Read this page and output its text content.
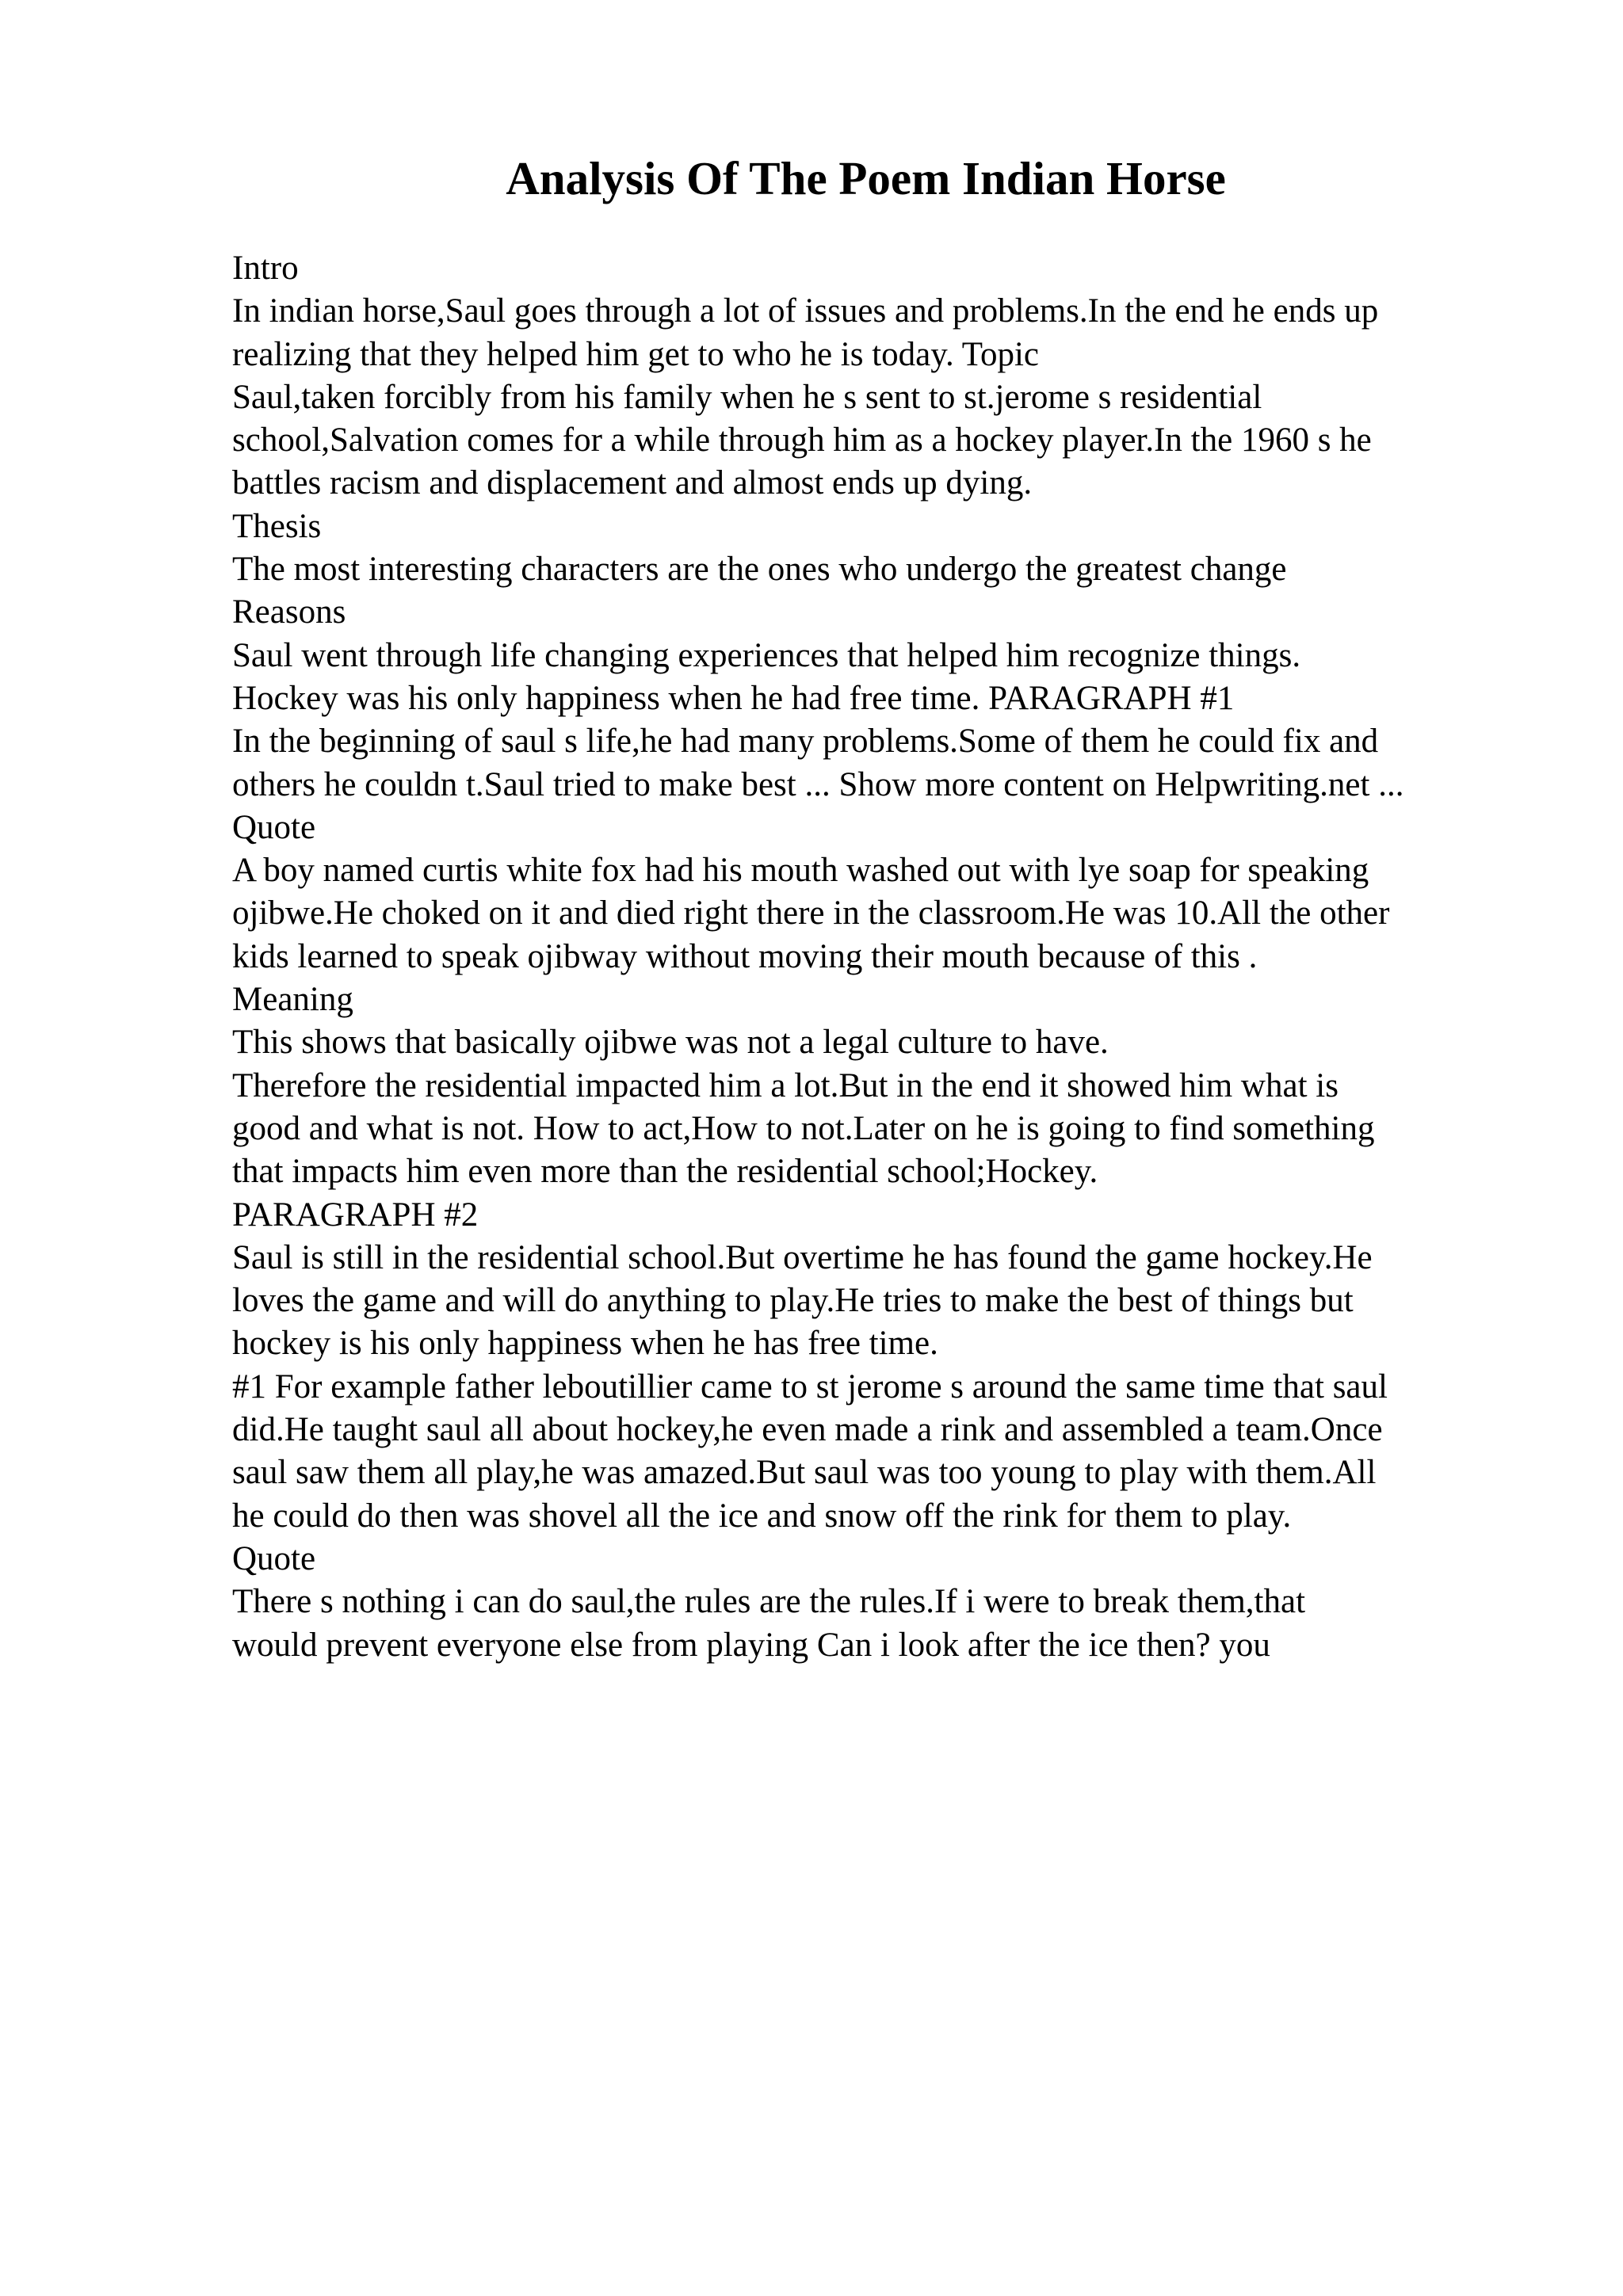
Analysis Of The Poem Indian Horse
Intro
In indian horse,Saul goes through a lot of issues and problems.In the end he ends up
realizing that they helped him get to who he is today. Topic
Saul,taken forcibly from his family when he s sent to st.jerome s residential
school,Salvation comes for a while through him as a hockey player.In the 1960 s he
battles racism and displacement and almost ends up dying.
Thesis
The most interesting characters are the ones who undergo the greatest change
Reasons
Saul went through life changing experiences that helped him recognize things.
Hockey was his only happiness when he had free time. PARAGRAPH #1
In the beginning of saul s life,he had many problems.Some of them he could fix and
others he couldn t.Saul tried to make best ... Show more content on Helpwriting.net ...
Quote
A boy named curtis white fox had his mouth washed out with lye soap for speaking
ojibwe.He choked on it and died right there in the classroom.He was 10.All the other
kids learned to speak ojibway without moving their mouth because of this .
Meaning
This shows that basically ojibwe was not a legal culture to have.
Therefore the residential impacted him a lot.But in the end it showed him what is
good and what is not. How to act,How to not.Later on he is going to find something
that impacts him even more than the residential school;Hockey.
PARAGRAPH #2
Saul is still in the residential school.But overtime he has found the game hockey.He
loves the game and will do anything to play.He tries to make the best of things but
hockey is his only happiness when he has free time.
#1 For example father leboutillier came to st jerome s around the same time that saul
did.He taught saul all about hockey,he even made a rink and assembled a team.Once
saul saw them all play,he was amazed.But saul was too young to play with them.All
he could do then was shovel all the ice and snow off the rink for them to play.
Quote
There s nothing i can do saul,the rules are the rules.If i were to break them,that
would prevent everyone else from playing Can i look after the ice then? you
